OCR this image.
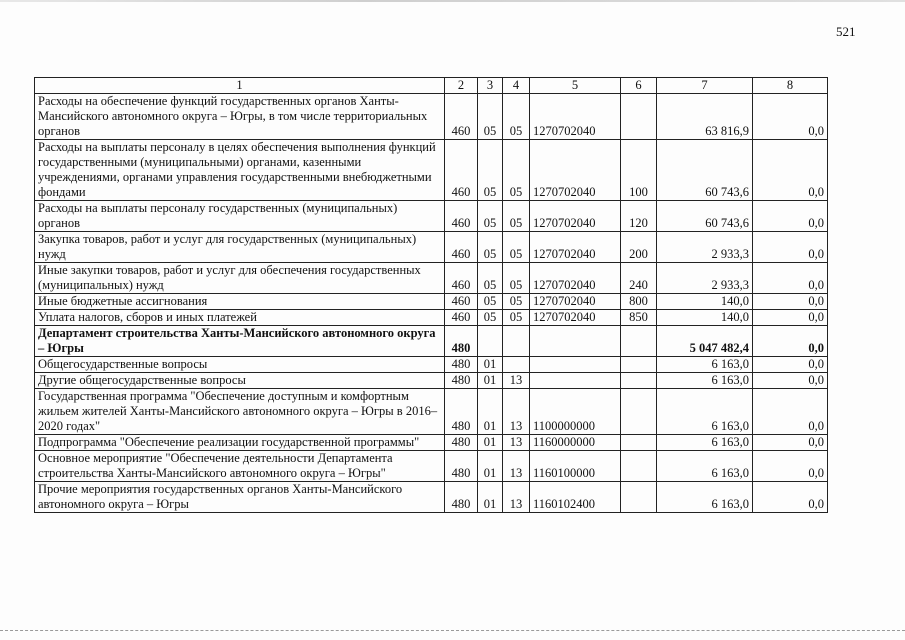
521
1	2	3	4	5	6	7	8
Расходы на обеспечение функций государственных органов Ханты-Мансийского автономного округа – Югры, в том числе территориальных органов	460	05	05	1270702040		63 816,9	0,0
Расходы на выплаты персоналу в целях обеспечения выполнения функций государственными (муниципальными) органами, казенными учреждениями, органами управления государственными внебюджетными фондами	460	05	05	1270702040	100	60 743,6	0,0
Расходы на выплаты персоналу государственных (муниципальных) органов	460	05	05	1270702040	120	60 743,6	0,0
Закупка товаров, работ и услуг для государственных (муниципальных) нужд	460	05	05	1270702040	200	2 933,3	0,0
Иные закупки товаров, работ и услуг для обеспечения государственных (муниципальных) нужд	460	05	05	1270702040	240	2 933,3	0,0
Иные бюджетные ассигнования	460	05	05	1270702040	800	140,0	0,0
Уплата налогов, сборов и иных платежей	460	05	05	1270702040	850	140,0	0,0
Департамент строительства Ханты-Мансийского автономного округа – Югры	480					5 047 482,4	0,0
Общегосударственные вопросы	480	01				6 163,0	0,0
Другие общегосударственные вопросы	480	01	13			6 163,0	0,0
Государственная программа "Обеспечение доступным и комфортным жильем жителей Ханты-Мансийского автономного округа – Югры в 2016–2020 годах"	480	01	13	1100000000		6 163,0	0,0
Подпрограмма "Обеспечение реализации государственной программы"	480	01	13	1160000000		6 163,0	0,0
Основное мероприятие "Обеспечение деятельности Департамента строительства Ханты-Мансийского автономного округа – Югры"	480	01	13	1160100000		6 163,0	0,0
Прочие мероприятия государственных органов Ханты-Мансийского автономного округа – Югры	480	01	13	1160102400		6 163,0	0,0
